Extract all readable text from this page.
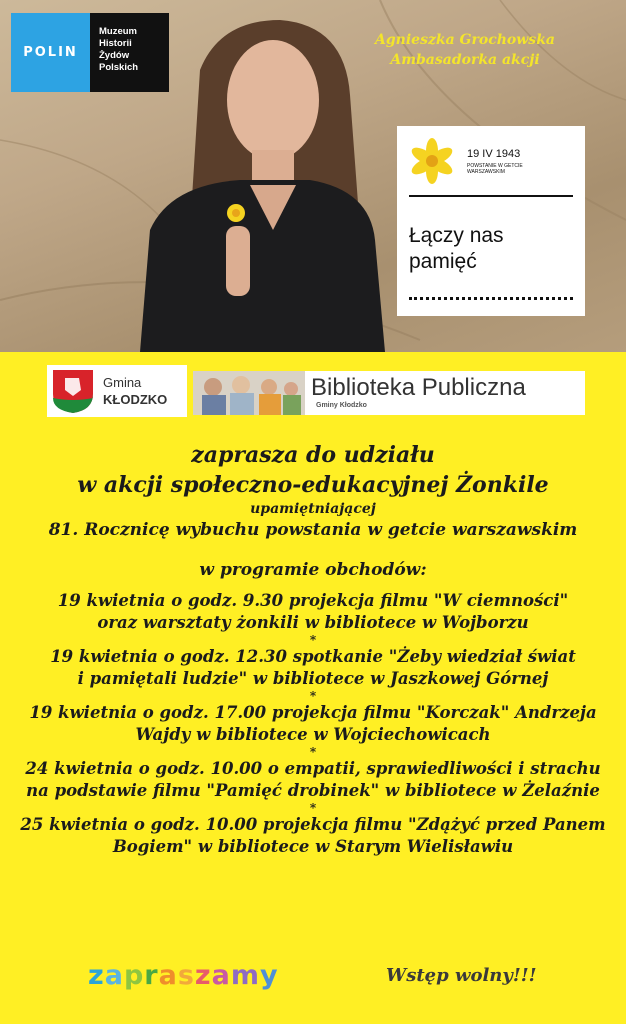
POLIN
Muzeum
Historii
Żydów
Polskich
Agnieszka Grochowska
Ambasadorka akcji
19 IV 1943
POWSTANIE W GETCIE WARSZAWSKIM
Łączy nas
pamięć
Gmina
KŁODZKO	Biblioteka Publiczna
Gminy Kłodzko
zaprasza do udziału
w akcji społeczno-edukacyjnej Żonkile
upamiętniającej
81. Rocznicę wybuchu powstania w getcie warszawskim
w programie obchodów:
19 kwietnia o godz. 9.30 projekcja filmu "W ciemności"
oraz warsztaty żonkili w bibliotece w Wojborzu
*
19 kwietnia o godz. 12.30 spotkanie "Żeby wiedział świat
i pamiętali ludzie" w bibliotece w Jaszkowej Górnej
*
19 kwietnia o godz. 17.00 projekcja filmu "Korczak" Andrzeja
Wajdy w bibliotece w Wojciechowicach
*
24 kwietnia o godz. 10.00 o empatii, sprawiedliwości i strachu
na podstawie filmu "Pamięć drobinek" w bibliotece w Żelaźnie
*
25 kwietnia o godz. 10.00 projekcja filmu "Zdążyć przed Panem
Bogiem" w bibliotece w Starym Wielisławiu
zapraszamy	Wstęp wolny!!!
